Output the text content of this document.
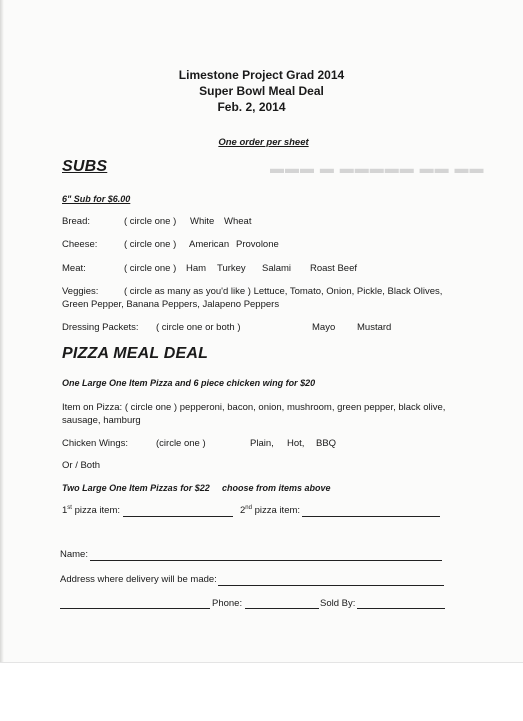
▬▬▬ ▬ ▬▬▬▬▬ ▬▬ ▬▬
Limestone Project Grad 2014
Super Bowl Meal Deal
Feb. 2, 2014
One order per sheet
SUBS
6" Sub for $6.00
Bread:	( circle one ) White Wheat
Cheese:	( circle one ) American Provolone
Meat:	( circle one ) Ham Turkey Salami Roast Beef
Veggies:	( circle as many as you'd like ) Lettuce, Tomato, Onion, Pickle, Black Olives,
Green Pepper, Banana Peppers, Jalapeno Peppers
Dressing Packets: ( circle one or both )	Mayo Mustard
PIZZA MEAL DEAL
One Large One Item Pizza and 6 piece chicken wing for $20
Item on Pizza: ( circle one ) pepperoni, bacon, onion, mushroom, green pepper, black olive,
sausage, hamburg
Chicken Wings:	(circle one )	Plain, Hot, BBQ
Or / Both
Two Large One Item Pizzas for $22 choose from items above
1st pizza item:	2nd pizza item:
Name:
Address where delivery will be made:
Phone:	Sold By:
